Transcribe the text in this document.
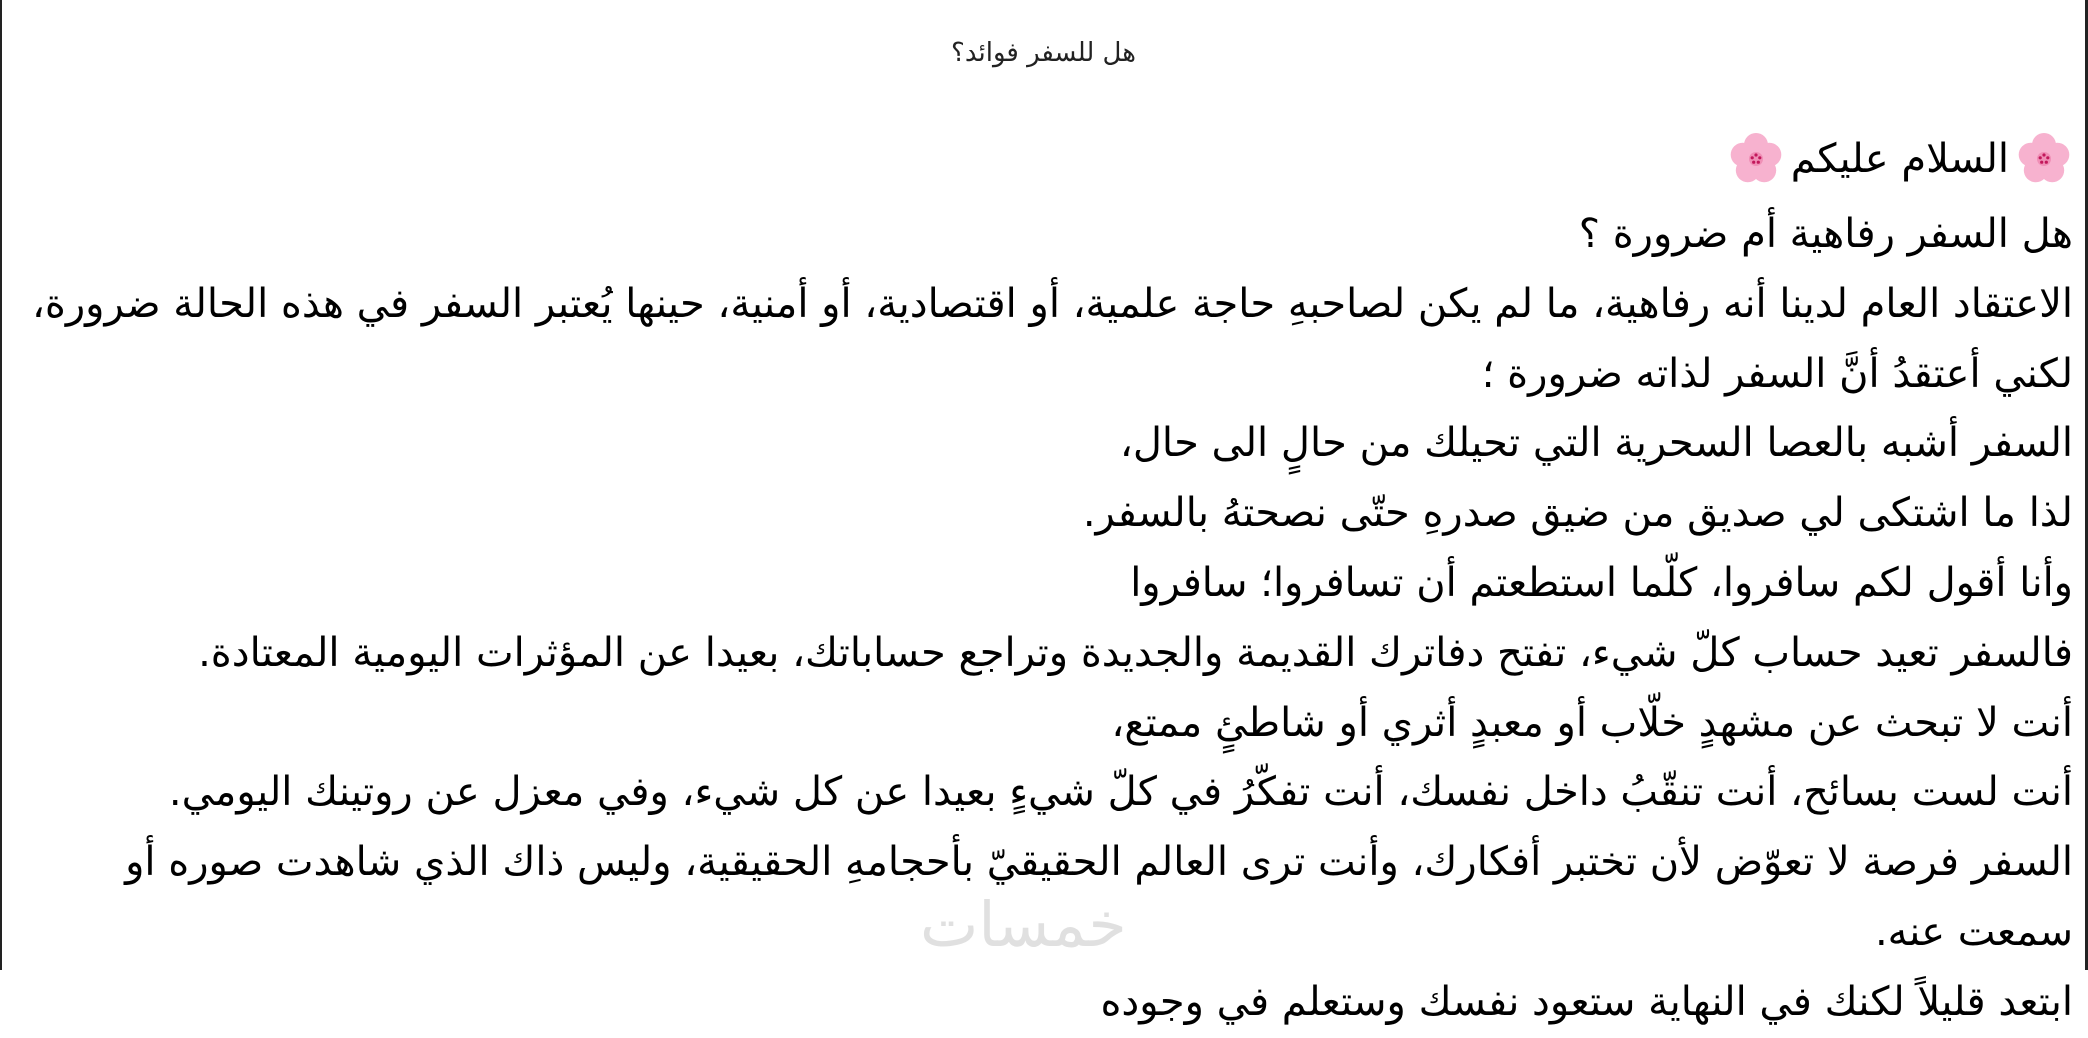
هل للسفر فوائد؟
السلام عليكم

هل السفر رفاهية أم ضرورة ؟

الاعتقاد العام لدينا أنه رفاهية، ما لم يكن لصاحبهِ حاجة علمية، أو اقتصادية، أو أمنية، حينها يُعتبر السفر في هذه الحالة ضرورة،

لكني أعتقدُ أنَّ السفر لذاته ضرورة ؛

السفر أشبه بالعصا السحرية التي تحيلك من حالٍ الى حال،

لذا ما اشتكى لي صديق من ضيق صدرهِ حتّى نصحتهُ بالسفر.

وأنا أقول لكم سافروا، كلّما استطعتم أن تسافروا؛ سافروا

فالسفر تعيد حساب كلّ شيء، تفتح دفاترك القديمة والجديدة وتراجع حساباتك، بعيدا عن المؤثرات اليومية المعتادة.

أنت لا تبحث عن مشهدٍ خلّاب أو معبدٍ أثري أو شاطئٍ ممتع،

أنت لست بسائح، أنت تنقّبُ داخل نفسك، أنت تفكّرُ في كلّ شيءٍ بعيدا عن كل شيء، وفي معزل عن روتينك اليومي.

السفر فرصة لا تعوّض لأن تختبر أفكارك، وأنت ترى العالم الحقيقيّ بأحجامهِ الحقيقية، وليس ذاك الذي شاهدت صوره أو سمعت عنه.

ابتعد قليلاً لكنك في النهاية ستعود نفسك وستعلم في وجوده

خمسات
